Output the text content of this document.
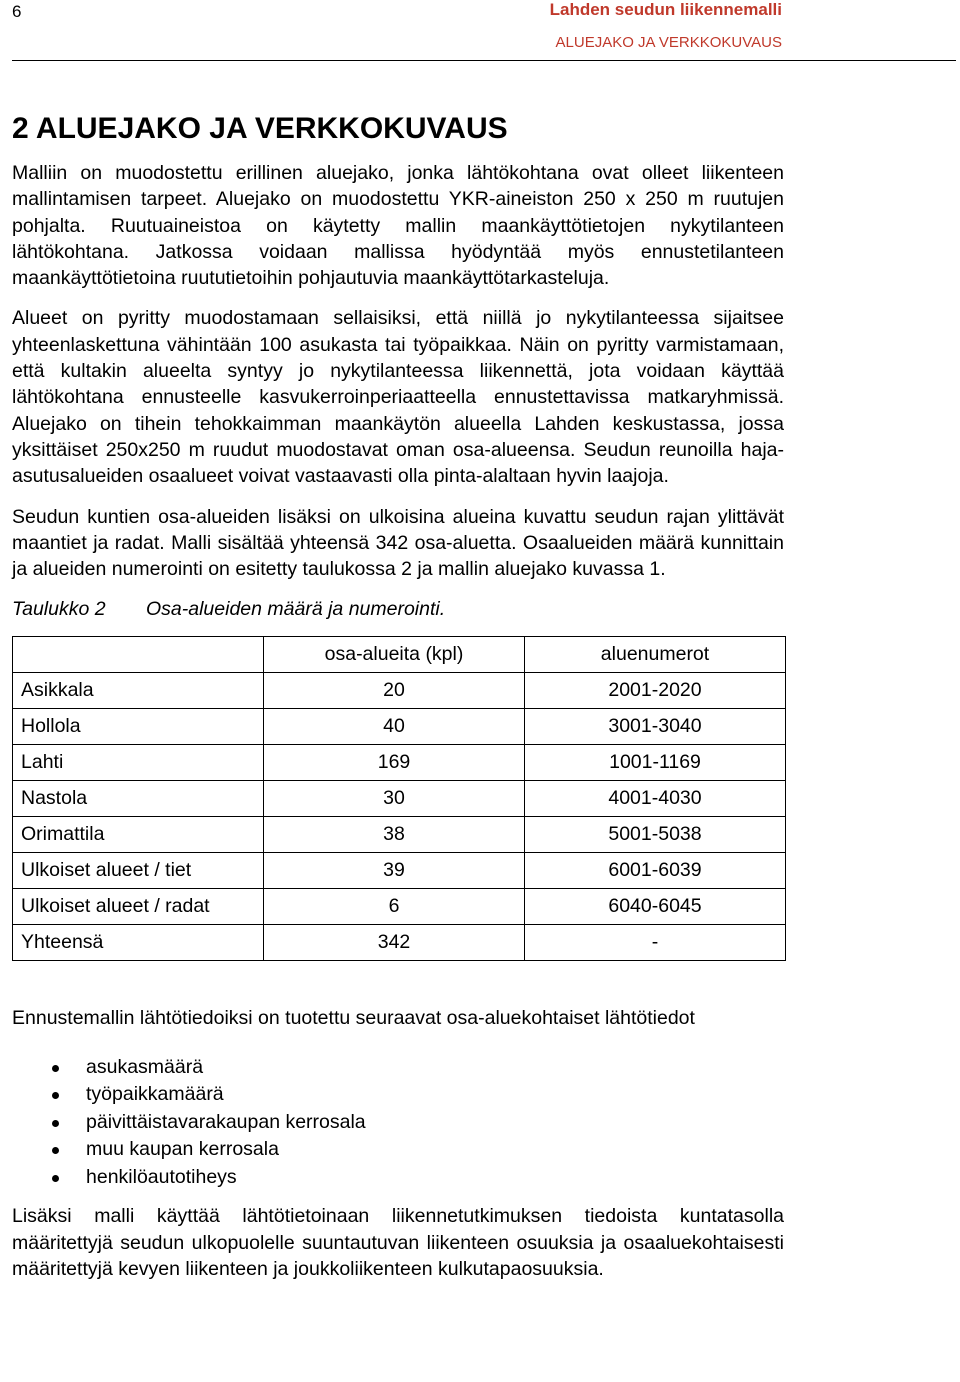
6	Lahden seudun liikennemalli
ALUEJAKO JA VERKKOKUVAUS
2 ALUEJAKO JA VERKKOKUVAUS

Malliin on muodostettu erillinen aluejako, jonka lähtökohtana ovat olleet liikenteen mallintamisen tarpeet. Aluejako on muodostettu YKR-aineiston 250 x 250 m ruutujen pohjalta. Ruutuaineistoa on käytetty mallin maankäyttötietojen nykytilanteen lähtökohtana. Jatkossa voidaan mallissa hyödyntää myös ennustetilanteen maankäyttötietoina ruututietoihin pohjautuvia maankäyttötarkasteluja.

Alueet on pyritty muodostamaan sellaisiksi, että niillä jo nykytilanteessa sijaitsee yhteenlaskettuna vähintään 100 asukasta tai työpaikkaa. Näin on pyritty varmistamaan, että kultakin alueelta syntyy jo nykytilanteessa liikennettä, jota voidaan käyttää lähtökohtana ennusteelle kasvukerroinperiaatteella ennustettavissa matkaryhmissä. Aluejako on tihein tehokkaimman maankäytön alueella Lahden keskustassa, jossa yksittäiset 250x250 m ruudut muodostavat oman osa-alueensa. Seudun reunoilla haja-asutusalueiden osaalueet voivat vastaavasti olla pinta-alaltaan hyvin laajoja.

Seudun kuntien osa-alueiden lisäksi on ulkoisina alueina kuvattu seudun rajan ylittävät maantiet ja radat. Malli sisältää yhteensä 342 osa-aluetta. Osaalueiden määrä kunnittain ja alueiden numerointi on esitetty taulukossa 2 ja mallin aluejako kuvassa 1.

Taulukko 2 Osa-alueiden määrä ja numerointi.
	osa-alueita (kpl)	aluenumerot
Asikkala	20	2001-2020
Hollola	40	3001-3040
Lahti	169	1001-1169
Nastola	30	4001-4030
Orimattila	38	5001-5038
Ulkoiset alueet / tiet	39	6001-6039
Ulkoiset alueet / radat	6	6040-6045
Yhteensä	342	-

Ennustemallin lähtötiedoiksi on tuotettu seuraavat osa-aluekohtaiset lähtötiedot

asukasmäärä
työpaikkamäärä
päivittäistavarakaupan kerrosala
muu kaupan kerrosala
henkilöautotiheys

Lisäksi malli käyttää lähtötietoinaan liikennetutkimuksen tiedoista kuntatasolla määritettyjä seudun ulkopuolelle suuntautuvan liikenteen osuuksia ja osaaluekohtaisesti määritettyjä kevyen liikenteen ja joukkoliikenteen kulkutapaosuuksia.
